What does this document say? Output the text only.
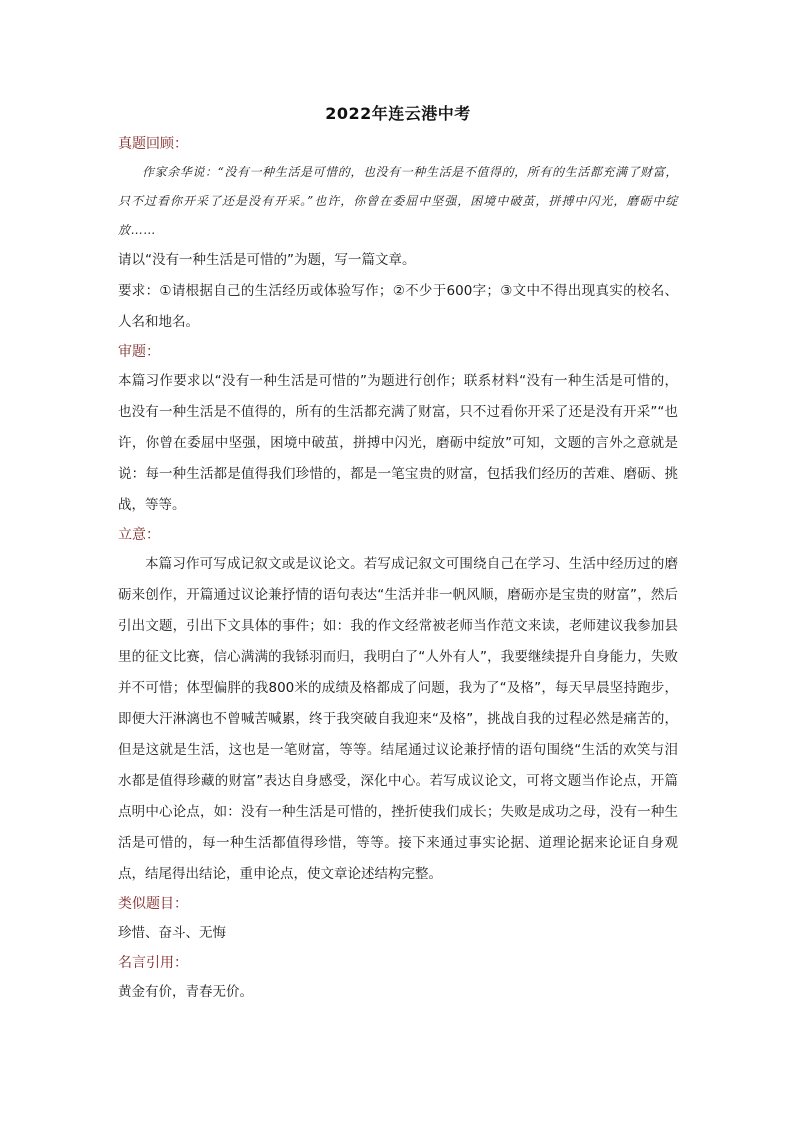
2022年连云港中考

真题回顾：

作家余华说：“没有一种生活是可惜的，也没有一种生活是不值得的，所有的生活都充满了财富，只不过看你开采了还是没有开采。”也许，你曾在委屈中坚强，困境中破茧，拼搏中闪光，磨砺中绽放……

请以“没有一种生活是可惜的”为题，写一篇文章。

要求：①请根据自己的生活经历或体验写作；②不少于600字；③文中不得出现真实的校名、人名和地名。

审题：

本篇习作要求以“没有一种生活是可惜的”为题进行创作；联系材料“没有一种生活是可惜的，也没有一种生活是不值得的，所有的生活都充满了财富，只不过看你开采了还是没有开采”“也许，你曾在委屈中坚强，困境中破茧，拼搏中闪光，磨砺中绽放”可知，文题的言外之意就是说：每一种生活都是值得我们珍惜的，都是一笔宝贵的财富，包括我们经历的苦难、磨砺、挑战，等等。

立意：

本篇习作可写成记叙文或是议论文。若写成记叙文可围绕自己在学习、生活中经历过的磨砺来创作，开篇通过议论兼抒情的语句表达“生活并非一帆风顺，磨砺亦是宝贵的财富”，然后引出文题，引出下文具体的事件；如：我的作文经常被老师当作范文来读，老师建议我参加县里的征文比赛，信心满满的我铩羽而归，我明白了“人外有人”，我要继续提升自身能力，失败并不可惜；体型偏胖的我800米的成绩及格都成了问题，我为了“及格”，每天早晨坚持跑步，即便大汗淋漓也不曾喊苦喊累，终于我突破自我迎来“及格”，挑战自我的过程必然是痛苦的，但是这就是生活，这也是一笔财富，等等。结尾通过议论兼抒情的语句围绕“生活的欢笑与泪水都是值得珍藏的财富”表达自身感受，深化中心。若写成议论文，可将文题当作论点，开篇点明中心论点，如：没有一种生活是可惜的，挫折使我们成长；失败是成功之母，没有一种生活是可惜的，每一种生活都值得珍惜，等等。接下来通过事实论据、道理论据来论证自身观点，结尾得出结论，重申论点，使文章论述结构完整。

类似题目：

珍惜、奋斗、无悔

名言引用：

黄金有价，青春无价。
